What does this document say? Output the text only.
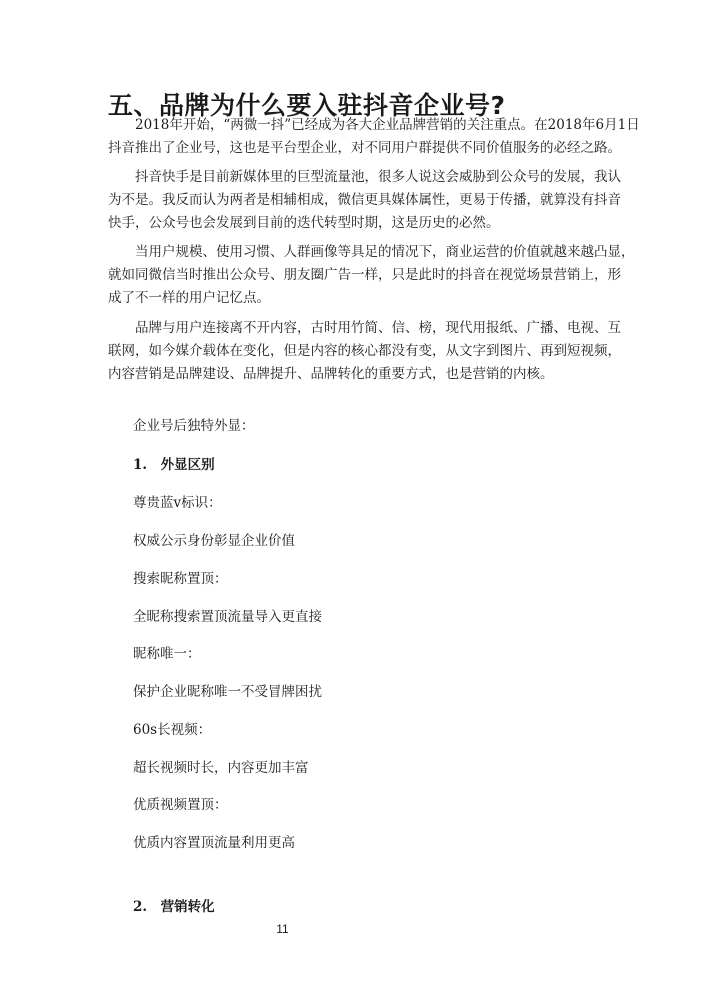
五、品牌为什么要入驻抖音企业号?
　　2018年开始，“两微一抖”已经成为各大企业品牌营销的关注重点。在2018年6月1日
抖音推出了企业号，这也是平台型企业，对不同用户群提供不同价值服务的必经之路。
　　抖音快手是目前新媒体里的巨型流量池，很多人说这会威胁到公众号的发展，我认
为不是。我反而认为两者是相辅相成，微信更具媒体属性，更易于传播，就算没有抖音
快手，公众号也会发展到目前的迭代转型时期，这是历史的必然。
　　当用户规模、使用习惯、人群画像等具足的情况下，商业运营的价值就越来越凸显，
就如同微信当时推出公众号、朋友圈广告一样，只是此时的抖音在视觉场景营销上，形
成了不一样的用户记忆点。
　　品牌与用户连接离不开内容，古时用竹简、信、榜，现代用报纸、广播、电视、互
联网，如今媒介载体在变化，但是内容的核心都没有变，从文字到图片、再到短视频，
内容营销是品牌建设、品牌提升、品牌转化的重要方式，也是营销的内核。
企业号后独特外显：
1.　外显区别
尊贵蓝v标识：
权威公示身份彰显企业价值
搜索昵称置顶：
全昵称搜索置顶流量导入更直接
昵称唯一：
保护企业昵称唯一不受冒牌困扰
60s长视频：
超长视频时长，内容更加丰富
优质视频置顶：
优质内容置顶流量利用更高
2.　营销转化
11
